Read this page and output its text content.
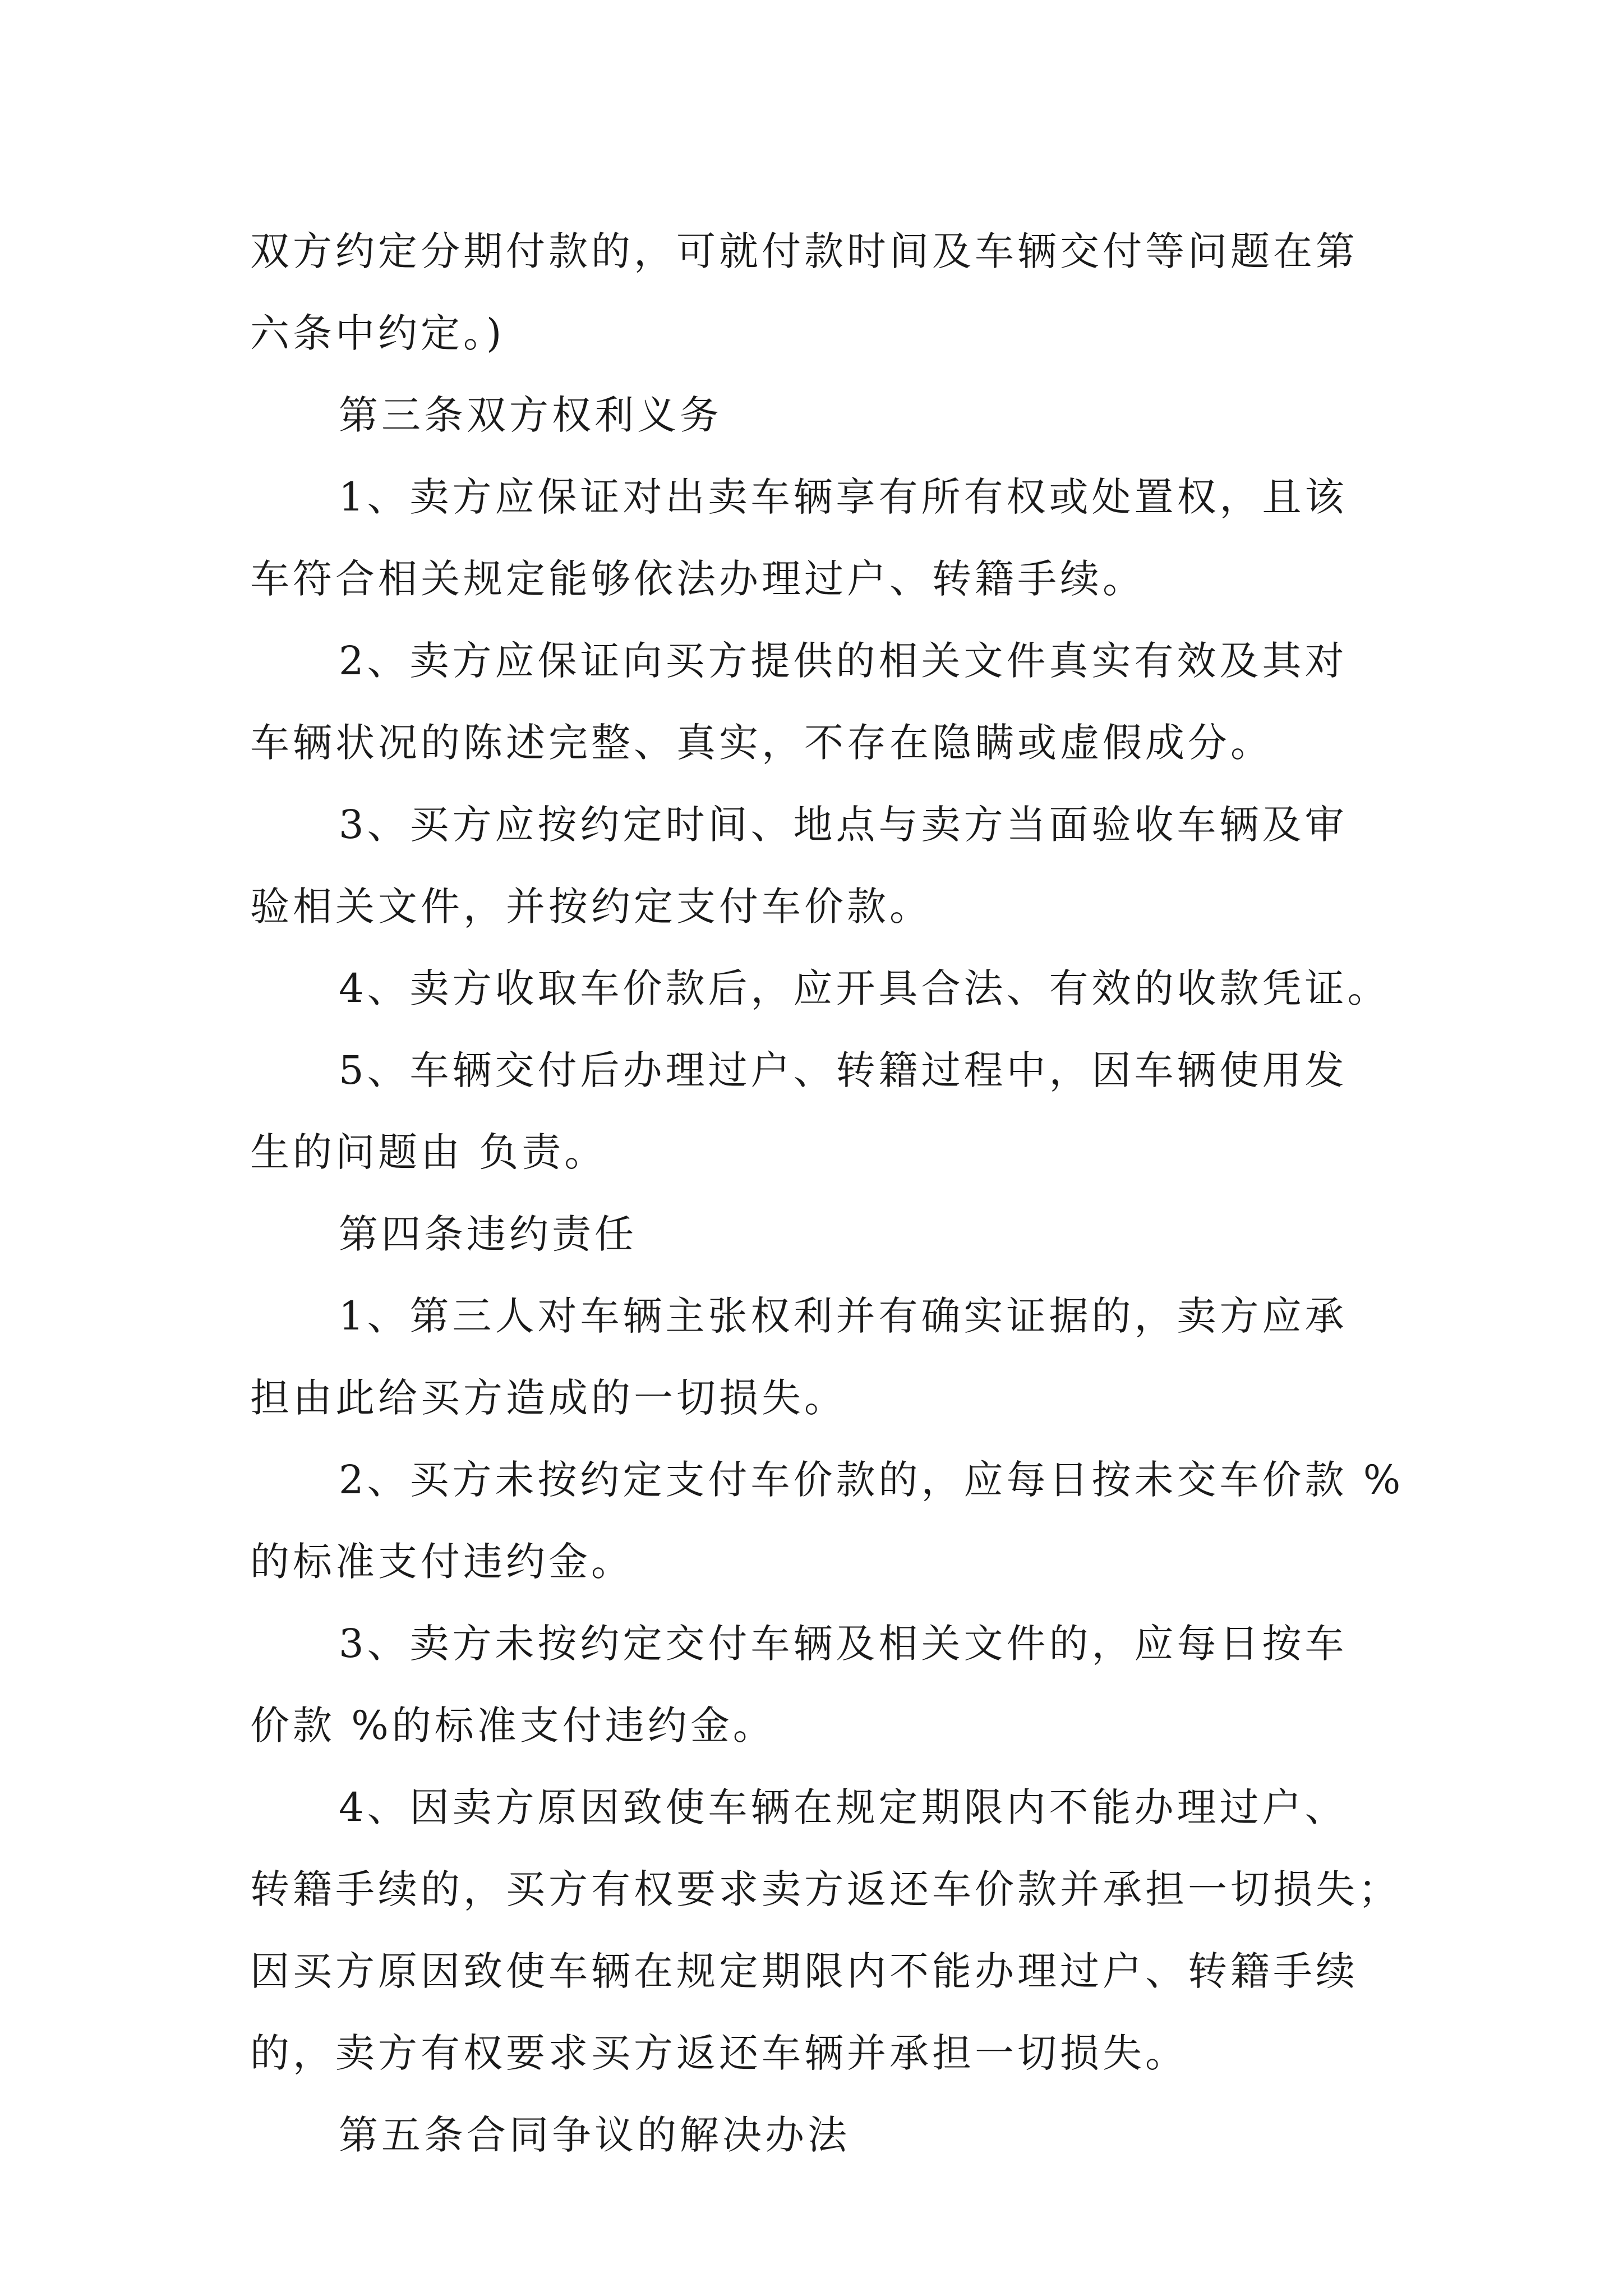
双方约定分期付款的，可就付款时间及车辆交付等问题在第
六条中约定。)
第三条双方权利义务
1、卖方应保证对出卖车辆享有所有权或处置权，且该
车符合相关规定能够依法办理过户、转籍手续。
2、卖方应保证向买方提供的相关文件真实有效及其对
车辆状况的陈述完整、真实，不存在隐瞒或虚假成分。
3、买方应按约定时间、地点与卖方当面验收车辆及审
验相关文件，并按约定支付车价款。
4、卖方收取车价款后，应开具合法、有效的收款凭证。
5、车辆交付后办理过户、转籍过程中，因车辆使用发
生的问题由 负责。
第四条违约责任
1、第三人对车辆主张权利并有确实证据的，卖方应承
担由此给买方造成的一切损失。
2、买方未按约定支付车价款的，应每日按未交车价款 %
的标准支付违约金。
3、卖方未按约定交付车辆及相关文件的，应每日按车
价款 %的标准支付违约金。
4、因卖方原因致使车辆在规定期限内不能办理过户、
转籍手续的，买方有权要求卖方返还车价款并承担一切损失；
因买方原因致使车辆在规定期限内不能办理过户、转籍手续
的，卖方有权要求买方返还车辆并承担一切损失。
第五条合同争议的解决办法
